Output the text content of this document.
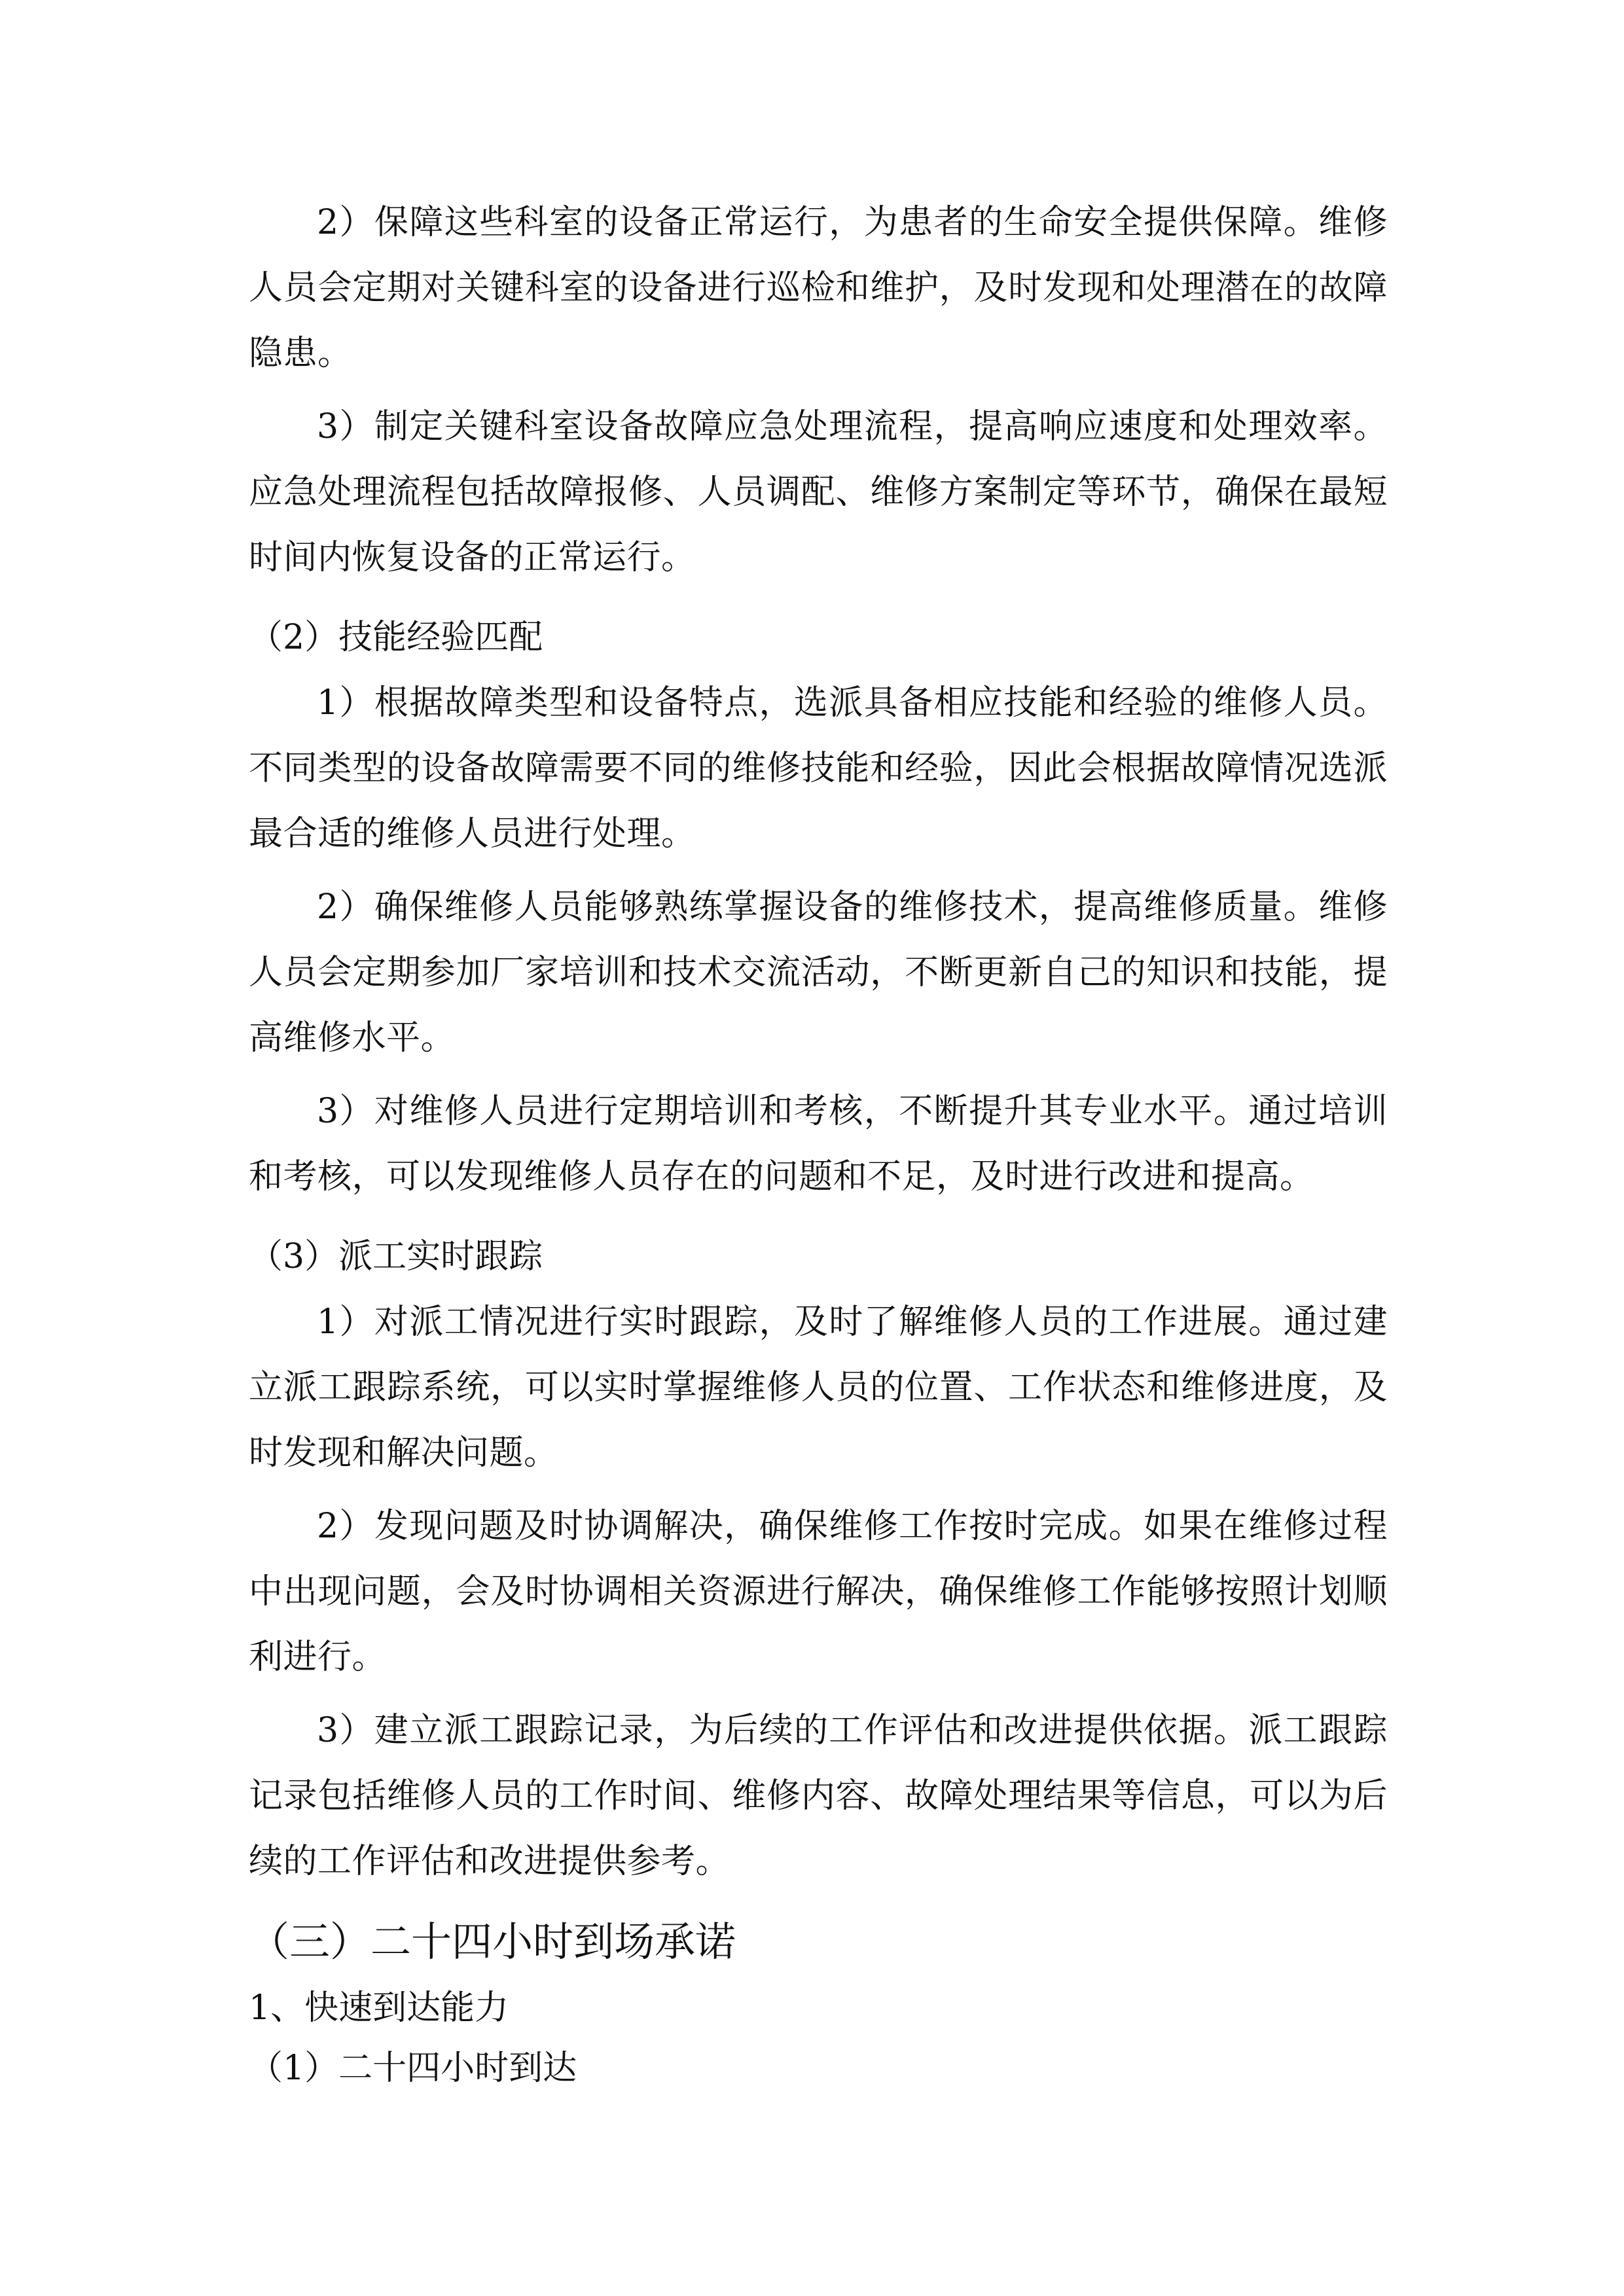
2）保障这些科室的设备正常运行，为患者的生命安全提供保障。维修人员会定期对关键科室的设备进行巡检和维护，及时发现和处理潜在的故障隐患。

3）制定关键科室设备故障应急处理流程，提高响应速度和处理效率。应急处理流程包括故障报修、人员调配、维修方案制定等环节，确保在最短时间内恢复设备的正常运行。

（2）技能经验匹配

1）根据故障类型和设备特点，选派具备相应技能和经验的维修人员。不同类型的设备故障需要不同的维修技能和经验，因此会根据故障情况选派最合适的维修人员进行处理。

2）确保维修人员能够熟练掌握设备的维修技术，提高维修质量。维修人员会定期参加厂家培训和技术交流活动，不断更新自己的知识和技能，提高维修水平。

3）对维修人员进行定期培训和考核，不断提升其专业水平。通过培训和考核，可以发现维修人员存在的问题和不足，及时进行改进和提高。

（3）派工实时跟踪

1）对派工情况进行实时跟踪，及时了解维修人员的工作进展。通过建立派工跟踪系统，可以实时掌握维修人员的位置、工作状态和维修进度，及时发现和解决问题。

2）发现问题及时协调解决，确保维修工作按时完成。如果在维修过程中出现问题，会及时协调相关资源进行解决，确保维修工作能够按照计划顺利进行。

3）建立派工跟踪记录，为后续的工作评估和改进提供依据。派工跟踪记录包括维修人员的工作时间、维修内容、故障处理结果等信息，可以为后续的工作评估和改进提供参考。

（三）二十四小时到场承诺

1、快速到达能力

（1）二十四小时到达
